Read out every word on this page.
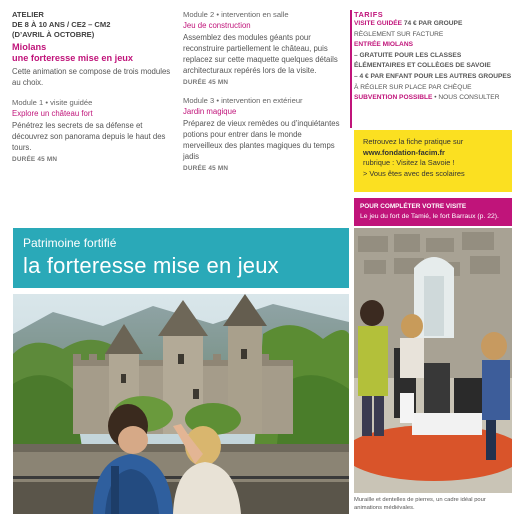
ATELIER
DE 8 À 10 ANS / CE2 – CM2
(D’AVRIL À OCTOBRE)
Miolans
une forteresse mise en jeux
Cette animation se compose de trois modules au choix.
Module 1 • visite guidée
Explore un château fort
Pénétrez les secrets de sa défense et découvrez son panorama depuis le haut des tours.
DURÉE 45 MN
Module 2 • intervention en salle
Jeu de construction
Assemblez des modules géants pour reconstruire partiellement le château, puis replacez sur cette maquette quelques détails architecturaux repérés lors de la visite.
DURÉE 45 MN
Module 3 • intervention en extérieur
Jardin magique
Préparez de vieux remèdes ou d’inquiétantes potions pour entrer dans le monde merveilleux des plantes magiques du temps jadis
DURÉE 45 MN
TARIFS
VISITE GUIDÉE 74 € PAR GROUPE
RÈGLEMENT SUR FACTURE
ENTRÉE MIOLANS
– GRATUITE POUR LES CLASSES
ÉLÉMENTAIRES ET COLLÈGES DE SAVOIE
– 4 € PAR ENFANT POUR LES AUTRES GROUPES
À RÉGLER SUR PLACE PAR CHÈQUE
SUBVENTION POSSIBLE • NOUS CONSULTER
Retrouvez la fiche pratique sur
www.fondation-facim.fr
rubrique : Visitez la Savoie !
> Vous êtes avec des scolaires
POUR COMPLÉTER VOTRE VISITE
Le jeu du fort de Tamié, le fort Barraux (p. 22).
Patrimoine fortifié
la forteresse mise en jeux
Muraille et dentelles de pierres, un cadre idéal pour animations médiévales.
